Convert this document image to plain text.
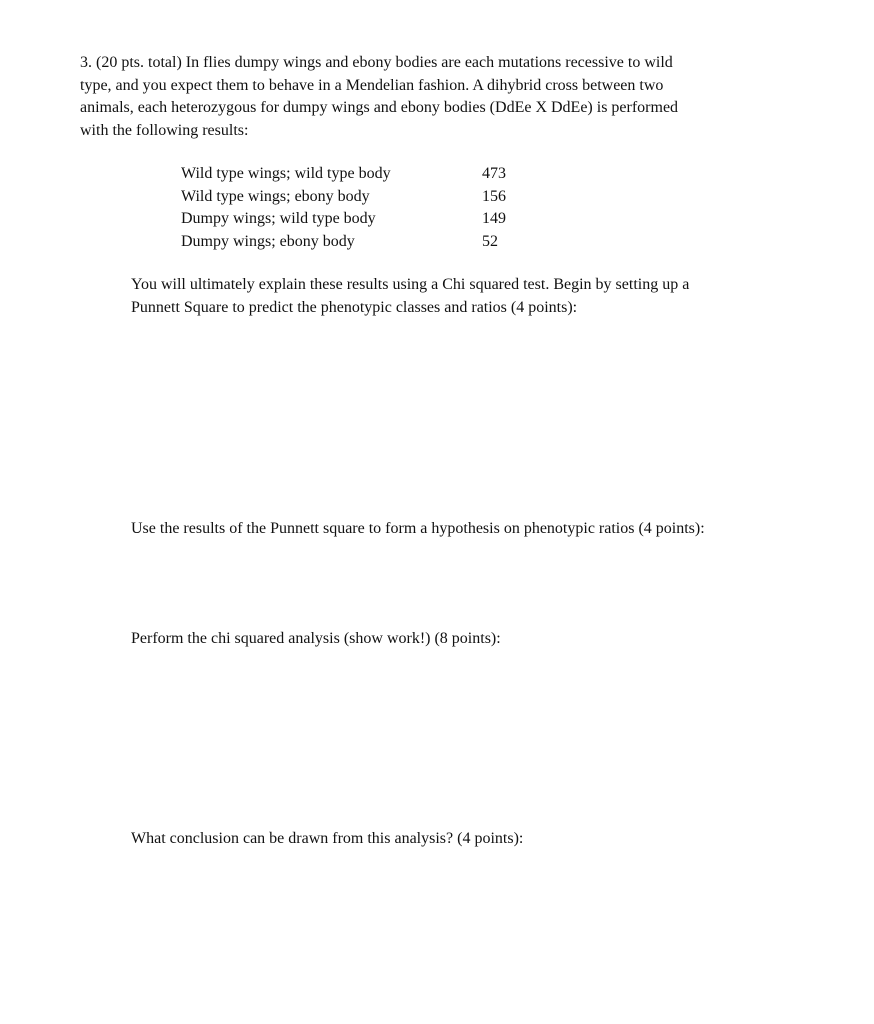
3. (20 pts. total) In flies dumpy wings and ebony bodies are each mutations recessive to wild
type, and you expect them to behave in a Mendelian fashion. A dihybrid cross between two
animals, each heterozygous for dumpy wings and ebony bodies (DdEe X DdEe) is performed
with the following results:

Wild type wings; wild type body	473
Wild type wings; ebony body	156
Dumpy wings; wild type body	149
Dumpy wings; ebony body	52

You will ultimately explain these results using a Chi squared test. Begin by setting up a
Punnett Square to predict the phenotypic classes and ratios (4 points):

Use the results of the Punnett square to form a hypothesis on phenotypic ratios (4 points):

Perform the chi squared analysis (show work!) (8 points):

What conclusion can be drawn from this analysis? (4 points):
